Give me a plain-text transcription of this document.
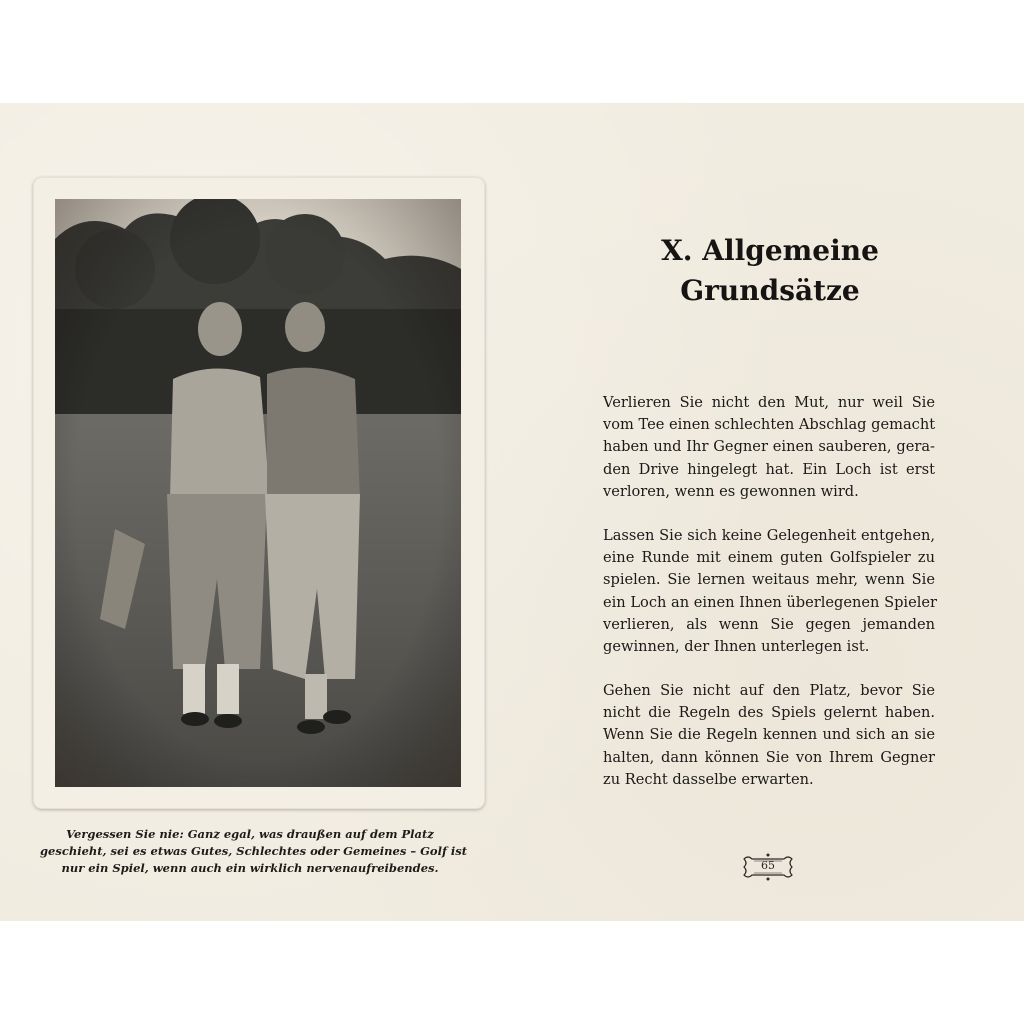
Vergessen Sie nie: Ganz egal, was draußen auf dem Platz
geschieht, sei es etwas Gutes, Schlechtes oder Gemeines – Golf ist
nur ein Spiel, wenn auch ein wirklich nervenaufreibendes.
X. Allgemeine
Grundsätze
Verlieren Sie nicht den Mut, nur weil Sie
vom Tee einen schlechten Abschlag gemacht
haben und Ihr Gegner einen sauberen, gera-
den Drive hingelegt hat. Ein Loch ist erst
verloren, wenn es gewonnen wird.
Lassen Sie sich keine Gelegenheit entgehen,
eine Runde mit einem guten Golfspieler zu
spielen. Sie lernen weitaus mehr, wenn Sie
ein Loch an einen Ihnen überlegenen Spieler
verlieren, als wenn Sie gegen jemanden
gewinnen, der Ihnen unterlegen ist.
Gehen Sie nicht auf den Platz, bevor Sie
nicht die Regeln des Spiels gelernt haben.
Wenn Sie die Regeln kennen und sich an sie
halten, dann können Sie von Ihrem Gegner
zu Recht dasselbe erwarten.
65
